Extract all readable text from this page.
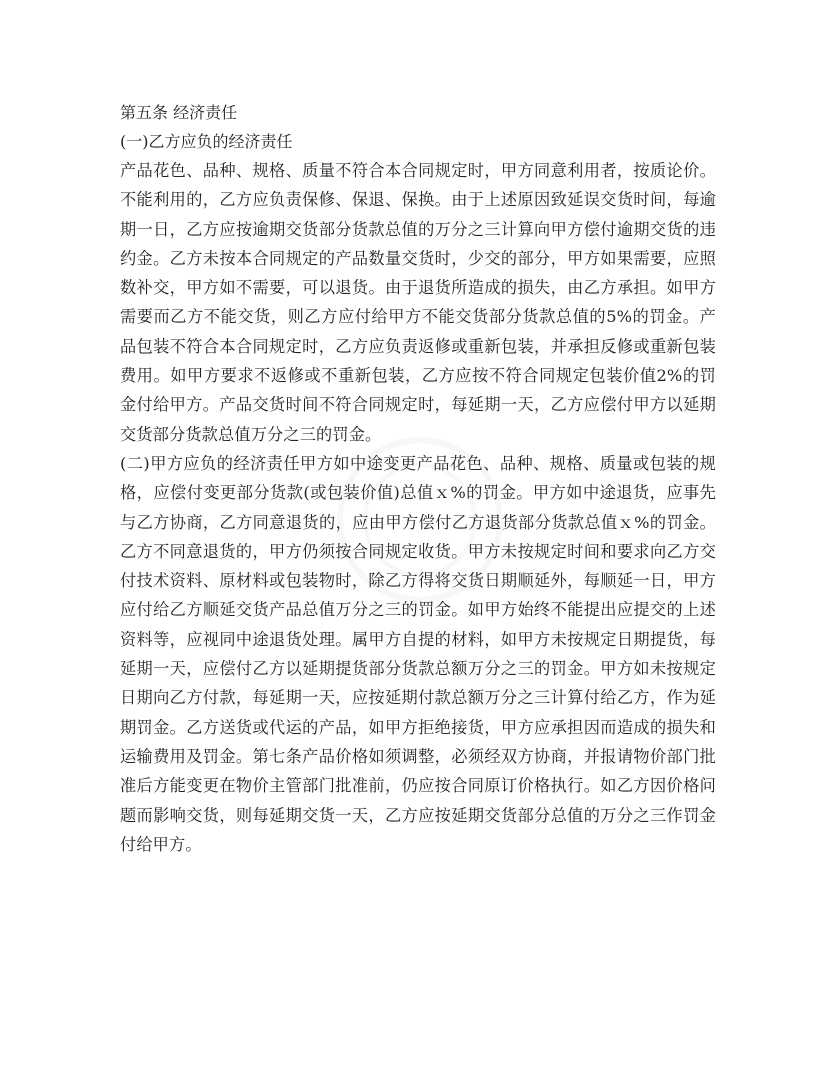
第五条 经济责任

(一)乙方应负的经济责任

产品花色、品种、规格、质量不符合本合同规定时，甲方同意利用者，按质论价。不能利用的，乙方应负责保修、保退、保换。由于上述原因致延误交货时间，每逾期一日，乙方应按逾期交货部分货款总值的万分之三计算向甲方偿付逾期交货的违约金。乙方未按本合同规定的产品数量交货时，少交的部分，甲方如果需要，应照数补交，甲方如不需要，可以退货。由于退货所造成的损失，由乙方承担。如甲方需要而乙方不能交货，则乙方应付给甲方不能交货部分货款总值的5%的罚金。产品包装不符合本合同规定时，乙方应负责返修或重新包装，并承担反修或重新包装费用。如甲方要求不返修或不重新包装，乙方应按不符合同规定包装价值2%的罚金付给甲方。产品交货时间不符合同规定时，每延期一天，乙方应偿付甲方以延期交货部分货款总值万分之三的罚金。

(二)甲方应负的经济责任甲方如中途变更产品花色、品种、规格、质量或包装的规格，应偿付变更部分货款(或包装价值)总值ｘ%的罚金。甲方如中途退货，应事先与乙方协商，乙方同意退货的，应由甲方偿付乙方退货部分货款总值ｘ%的罚金。乙方不同意退货的，甲方仍须按合同规定收货。甲方未按规定时间和要求向乙方交付技术资料、原材料或包装物时，除乙方得将交货日期顺延外，每顺延一日，甲方应付给乙方顺延交货产品总值万分之三的罚金。如甲方始终不能提出应提交的上述资料等，应视同中途退货处理。属甲方自提的材料，如甲方未按规定日期提货，每延期一天，应偿付乙方以延期提货部分货款总额万分之三的罚金。甲方如未按规定日期向乙方付款，每延期一天，应按延期付款总额万分之三计算付给乙方，作为延期罚金。乙方送货或代运的产品，如甲方拒绝接货，甲方应承担因而造成的损失和运输费用及罚金。第七条产品价格如须调整，必须经双方协商，并报请物价部门批准后方能变更在物价主管部门批准前，仍应按合同原订价格执行。如乙方因价格问题而影响交货，则每延期交货一天，乙方应按延期交货部分总值的万分之三作罚金付给甲方。
